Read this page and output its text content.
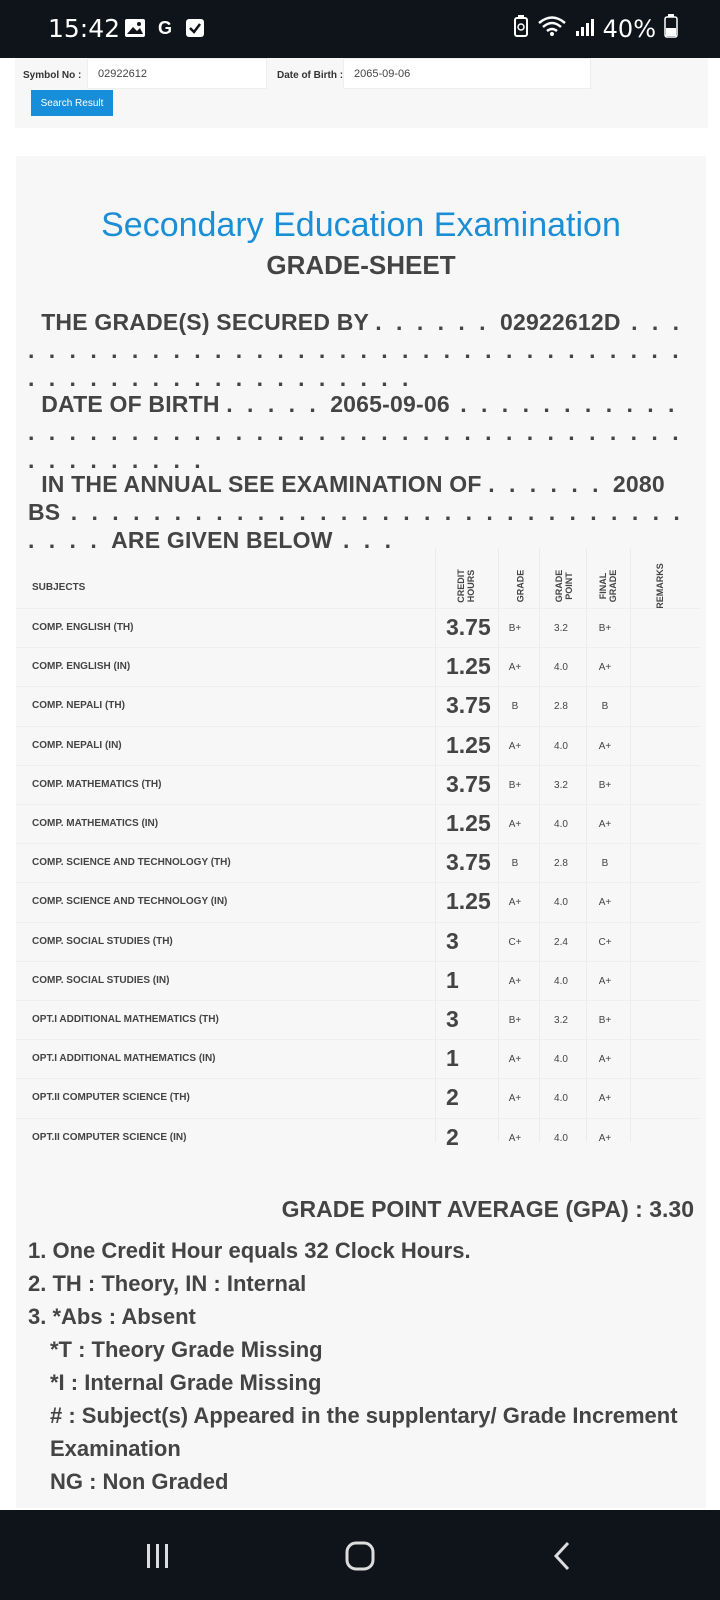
15:42 G	40%
Symbol No :	02922612	Date of Birth : 2065-09-06
Search Result
Secondary Education Examination
GRADE-SHEET
THE GRADE(S) SECURED BY . . . . . . 02922612D . . . . . . . . . . . . . . . . . . . . . . . . . . . . . . . . . . . . . . . . . . . . . . . . . . . . . .
DATE OF BIRTH . . . . . 2065-09-06 . . . . . . . . . . . . . . . . . . . . . . . . . . . . . . . . . . . . . . . . . . . . . . . . . . . .
IN THE ANNUAL SEE EXAMINATION OF . . . . . . 2080 BS . . . . . . . . . . . . . . . . . . . . . . . . . . . . . . . . . . ARE GIVEN BELOW . . .
SUBJECTS	CREDIT HOURS	GRADE	GRADE POINT	FINAL GRADE	REMARKS
COMP. ENGLISH (TH)	3.75	B+	3.2	B+
COMP. ENGLISH (IN)	1.25	A+	4.0	A+
COMP. NEPALI (TH)	3.75	B	2.8	B
COMP. NEPALI (IN)	1.25	A+	4.0	A+
COMP. MATHEMATICS (TH)	3.75	B+	3.2	B+
COMP. MATHEMATICS (IN)	1.25	A+	4.0	A+
COMP. SCIENCE AND TECHNOLOGY (TH)	3.75	B	2.8	B
COMP. SCIENCE AND TECHNOLOGY (IN)	1.25	A+	4.0	A+
COMP. SOCIAL STUDIES (TH)	3	C+	2.4	C+
COMP. SOCIAL STUDIES (IN)	1	A+	4.0	A+
OPT.I ADDITIONAL MATHEMATICS (TH)	3	B+	3.2	B+
OPT.I ADDITIONAL MATHEMATICS (IN)	1	A+	4.0	A+
OPT.II COMPUTER SCIENCE (TH)	2	A+	4.0	A+
OPT.II COMPUTER SCIENCE (IN)	2	A+	4.0	A+
GRADE POINT AVERAGE (GPA) : 3.30
1. One Credit Hour equals 32 Clock Hours.
2. TH : Theory, IN : Internal
3. *Abs : Absent
*T : Theory Grade Missing
*I : Internal Grade Missing
# : Subject(s) Appeared in the supplentary/ Grade Increment Examination
NG : Non Graded
